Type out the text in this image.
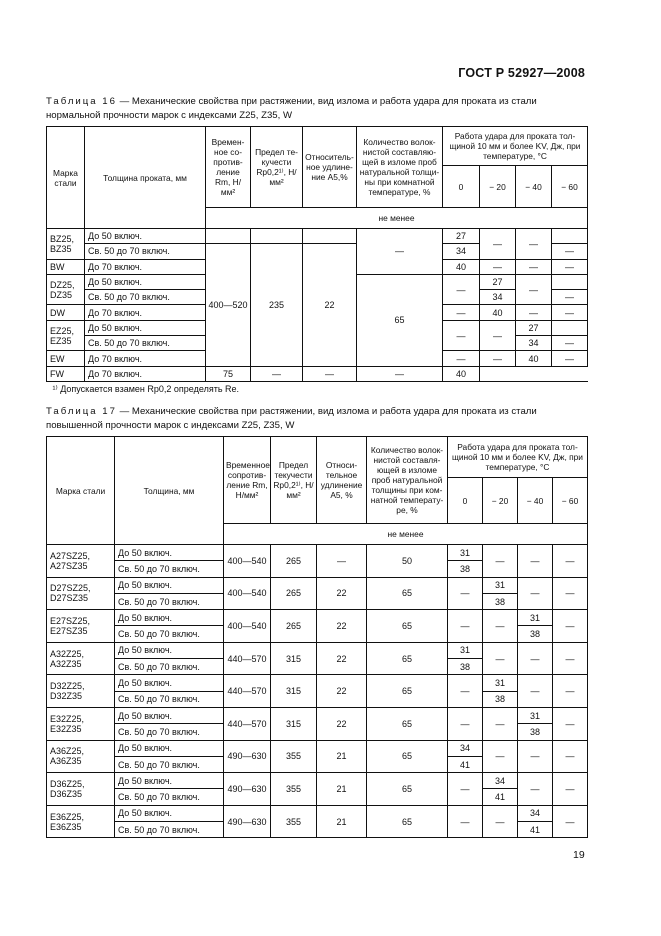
ГОСТ Р 52927—2008
Таблица 16 — Механические свойства при растяжении, вид излома и работа удара для проката из стали нормальной прочности марок с индексами Z25, Z35, W
Марка стали	Толщина проката, мм	Времен-ное со-против-ление Rm, Н/мм²	Предел те-кучести Rp0,2¹⁾, Н/мм²	Относитель-ное удлине-ние A5,%	Количество волок-нистой составляю-щей в изломе проб натуральной толщи-ны при комнатной температуре, %	Работа удара для проката тол-щиной 10 мм и более KV, Дж, при температуре, °С			
						0	− 20	− 40	− 60
		не менее							
BZ25, BZ35	До 50 включ.				—	27	—	—	
	Св. 50 до 70 включ.	400—520	235	22		34			—
BW	До 70 включ.					40	—	—	—
DZ25, DZ35	До 50 включ.				65	—	27	—	
	Св. 50 до 70 включ.						34		—
DW	До 70 включ.					—	40	—	—
EZ25, EZ35	До 50 включ.					—	—	27	
	Св. 50 до 70 включ.							34	—
EW	До 70 включ.					—	—	40	—
FW	До 70 включ.	75	—	—	—	40			
¹⁾ Допускается взамен Rp0,2 определять Re.									
Таблица 17 — Механические свойства при растяжении, вид излома и работа удара для проката из стали повышенной прочности марок с индексами Z25, Z35, W
Марка стали	Толщина, мм	Временное сопротив-ление Rm, Н/мм²	Предел текучести Rp0,2¹⁾, Н/мм²	Относи-тельное удлинение A5, %	Количество волок-нистой составля-ющей в изломе проб натуральной толщины при ком-натной температу-ре, %	Работа удара для проката тол-щиной 10 мм и более KV, Дж, при температуре, °С			
						0	− 20	− 40	− 60
		не менее							
A27SZ25, A27SZ35	До 50 включ.	400—540	265	—	50	31	—	—	—
	Св. 50 до 70 включ.					38			
D27SZ25, D27SZ35	До 50 включ.	400—540	265	22	65	—	31	—	—
	Св. 50 до 70 включ.						38		
E27SZ25, E27SZ35	До 50 включ.	400—540	265	22	65	—	—	31	—
	Св. 50 до 70 включ.							38	
A32Z25, A32Z35	До 50 включ.	440—570	315	22	65	31	—	—	—
	Св. 50 до 70 включ.					38			
D32Z25, D32Z35	До 50 включ.	440—570	315	22	65	—	31	—	—
	Св. 50 до 70 включ.						38		
E32Z25, E32Z35	До 50 включ.	440—570	315	22	65	—	—	31	—
	Св. 50 до 70 включ.							38	
A36Z25, A36Z35	До 50 включ.	490—630	355	21	65	34	—	—	—
	Св. 50 до 70 включ.					41			
D36Z25, D36Z35	До 50 включ.	490—630	355	21	65	—	34	—	—
	Св. 50 до 70 включ.						41		
E36Z25, E36Z35	До 50 включ.	490—630	355	21	65	—	—	34	—
	Св. 50 до 70 включ.							41	
19
